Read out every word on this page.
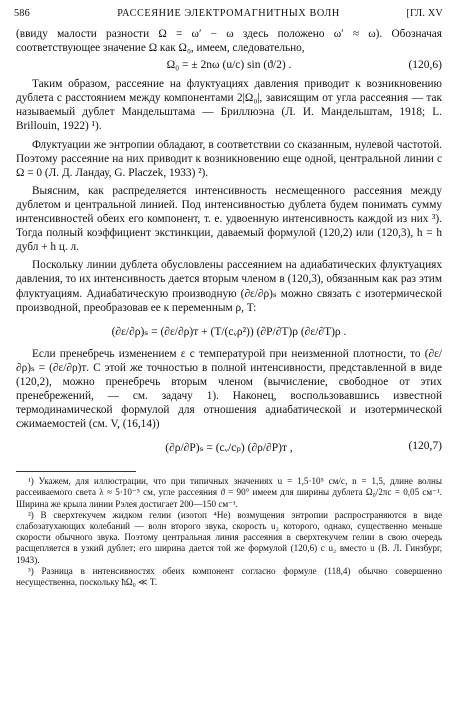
586	РАССЕЯНИЕ ЭЛЕКТРОМАГНИТНЫХ ВОЛН	[ГЛ. XV

(ввиду малости разности Ω = ω′ − ω здесь положено ω′ ≈ ω). Обозначая соответствующее значение Ω как Ω₀, имеем, следовательно,

Ω₀ = ± 2nω (u/c) sin (ϑ/2) .	(120,6)

Таким образом, рассеяние на флуктуациях давления приводит к возникновению дублета с расстоянием между компонентами 2|Ω₀|, зависящим от угла рассеяния — так называемый дублет Мандельштама — Бриллюэна (Л. И. Мандельштам, 1918; L. Brillouin, 1922) ¹).

Флуктуации же энтропии обладают, в соответствии со сказанным, нулевой частотой. Поэтому рассеяние на них приводит к возникновению еще одной, центральной линии с Ω = 0 (Л. Д. Ландау, G. Placzek, 1933) ²).

Выясним, как распределяется интенсивность несмещенного рассеяния между дублетом и центральной линией. Под интенсивностью дублета будем понимать сумму интенсивностей обеих его компонент, т. е. удвоенную интенсивность каждой из них ³). Тогда полный коэффициент экстинкции, даваемый формулой (120,2) или (120,3), h = h дубл + h ц. л.

Поскольку линии дублета обусловлены рассеянием на адиабатических флуктуациях давления, то их интенсивность дается вторым членом в (120,3), обязанным как раз этим флуктуациям. Адиабатическую производную (∂ε/∂ρ)ₛ можно связать с изотермической производной, преобразовав ее к переменным ρ, T:

(∂ε/∂ρ)ₛ = (∂ε/∂ρ)ᴛ + (T/(cᵥρ²)) (∂P/∂T)ρ (∂ε/∂T)ρ .

Если пренебречь изменением ε с температурой при неизменной плотности, то (∂ε/∂ρ)ₛ = (∂ε/∂ρ)ᴛ. С этой же точностью в полной интенсивности, представленной в виде (120,2), можно пренебречь вторым членом (вычисление, свободное от этих пренебрежений, — см. задачу 1). Наконец, воспользовавшись известной термодинамической формулой для отношения адиабатической и изотермической сжимаемостей (см. V, (16,14))

(∂ρ/∂P)ₛ = (cᵥ/cₚ) (∂ρ/∂P)ᴛ ,	(120,7)

¹) Укажем, для иллюстрации, что при типичных значениях u = 1,5·10⁵ см/с, n = 1,5, длине волны рассеиваемого света λ ≈ 5·10⁻⁵ см, угле рассеяния ϑ = 90° имеем для ширины дублета Ω₀/2πc = 0,05 см⁻¹. Ширина же крыла линии Рэлея достигает 200—150 см⁻¹.

²) В сверхтекучем жидком гелии (изотоп ⁴He) возмущения энтропии распространяются в виде слабозатухающих колебаний — волн второго звука, скорость u₂ которого, однако, существенно меньше скорости обычного звука. Поэтому центральная линия рассеяния в сверхтекучем гелии в свою очередь расщепляется в узкий дублет; его ширина дается той же формулой (120,6) с u₂ вместо u (В. Л. Гинзбург, 1943).

³) Разница в интенсивностях обеих компонент согласно формуле (118,4) обычно совершенно несущественна, поскольку ħΩ₀ ≪ T.
